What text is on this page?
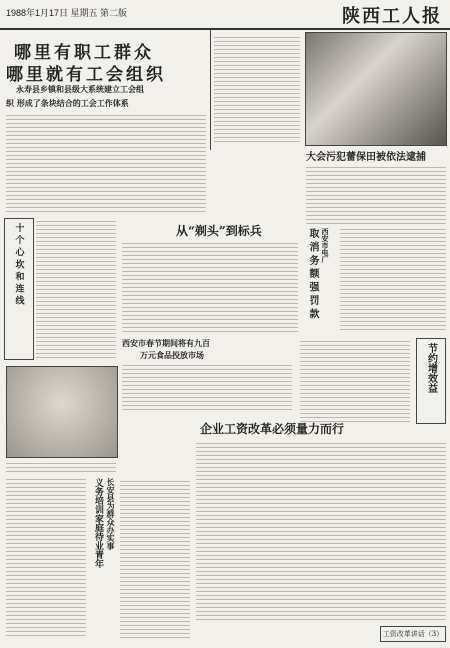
1988年1月17日 星期五 第二版	陕西工人报
哪里有职工群众
哪里就有工会组织
永寿县乡镇和县级大系统建立工会组
织 形成了条块结合的工会工作体系
大会污犯蕾保田被依法逮捕
十 个 心 坎 和 连 线	从“剃头”到标兵	取 消 务 额 强 罚 款 西安市电厂
西安市春节期间将有九百
万元食品投放市场	节约增效益
企业工资改革必须量力而行
义务培训家庭待业青年 长安县为群众办实事
工资改革讲话（3）
